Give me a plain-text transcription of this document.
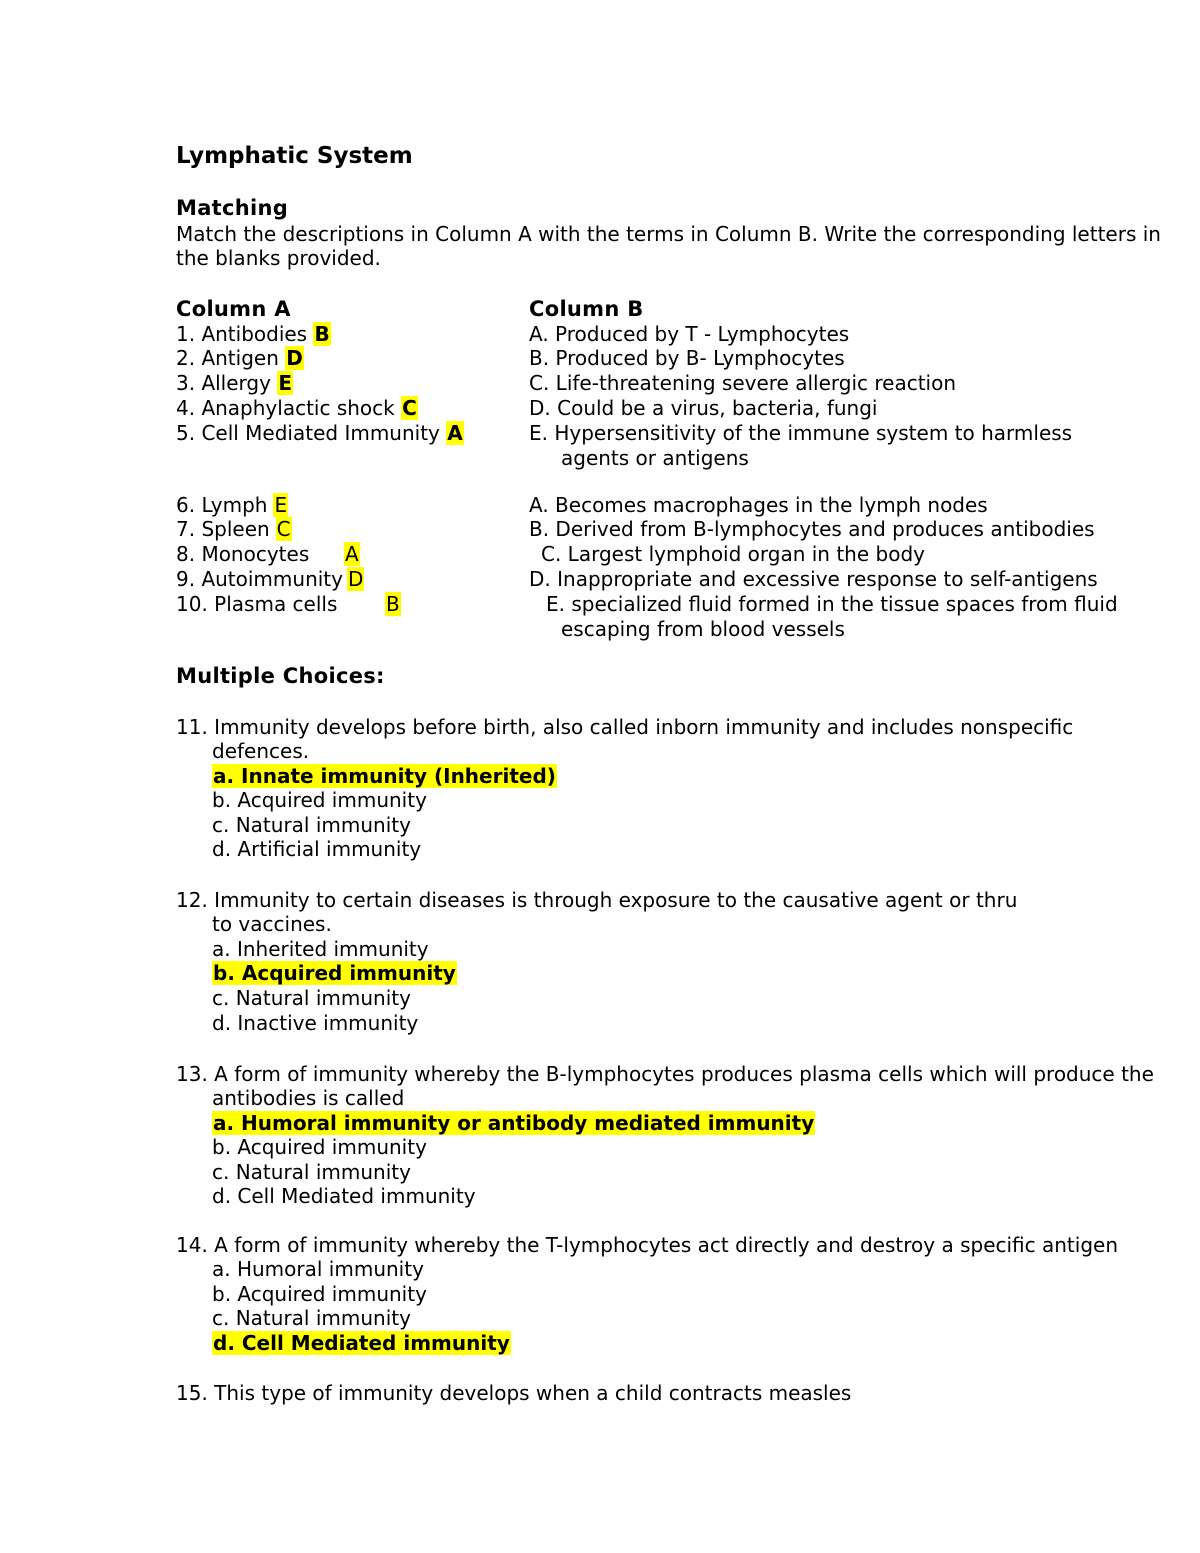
Lymphatic System
Matching
Match the descriptions in Column A with the terms in Column B. Write the corresponding letters in
the blanks provided.
Column A	Column B
1. Antibodies B
2. Antigen D
3. Allergy E
4. Anaphylactic shock C
5. Cell Mediated Immunity A
A. Produced by T - Lymphocytes
B. Produced by B- Lymphocytes
C. Life-threatening severe allergic reaction
D. Could be a virus, bacteria, fungi
E. Hypersensitivity of the immune system to harmless
agents or antigens
6. Lymph E
7. Spleen C
8. Monocytes A
9. Autoimmunity D
10. Plasma cells B
A. Becomes macrophages in the lymph nodes
B. Derived from B-lymphocytes and produces antibodies
C. Largest lymphoid organ in the body
D. Inappropriate and excessive response to self-antigens
E. specialized fluid formed in the tissue spaces from fluid
escaping from blood vessels
Multiple Choices:
11. Immunity develops before birth, also called inborn immunity and includes nonspecific
defences.
a. Innate immunity (Inherited)
b. Acquired immunity
c. Natural immunity
d. Artificial immunity
12. Immunity to certain diseases is through exposure to the causative agent or thru
to vaccines.
a. Inherited immunity
b. Acquired immunity
c. Natural immunity
d. Inactive immunity
13. A form of immunity whereby the B-lymphocytes produces plasma cells which will produce the
antibodies is called
a. Humoral immunity or antibody mediated immunity
b. Acquired immunity
c. Natural immunity
d. Cell Mediated immunity
14. A form of immunity whereby the T-lymphocytes act directly and destroy a specific antigen
a. Humoral immunity
b. Acquired immunity
c. Natural immunity
d. Cell Mediated immunity
15. This type of immunity develops when a child contracts measles
